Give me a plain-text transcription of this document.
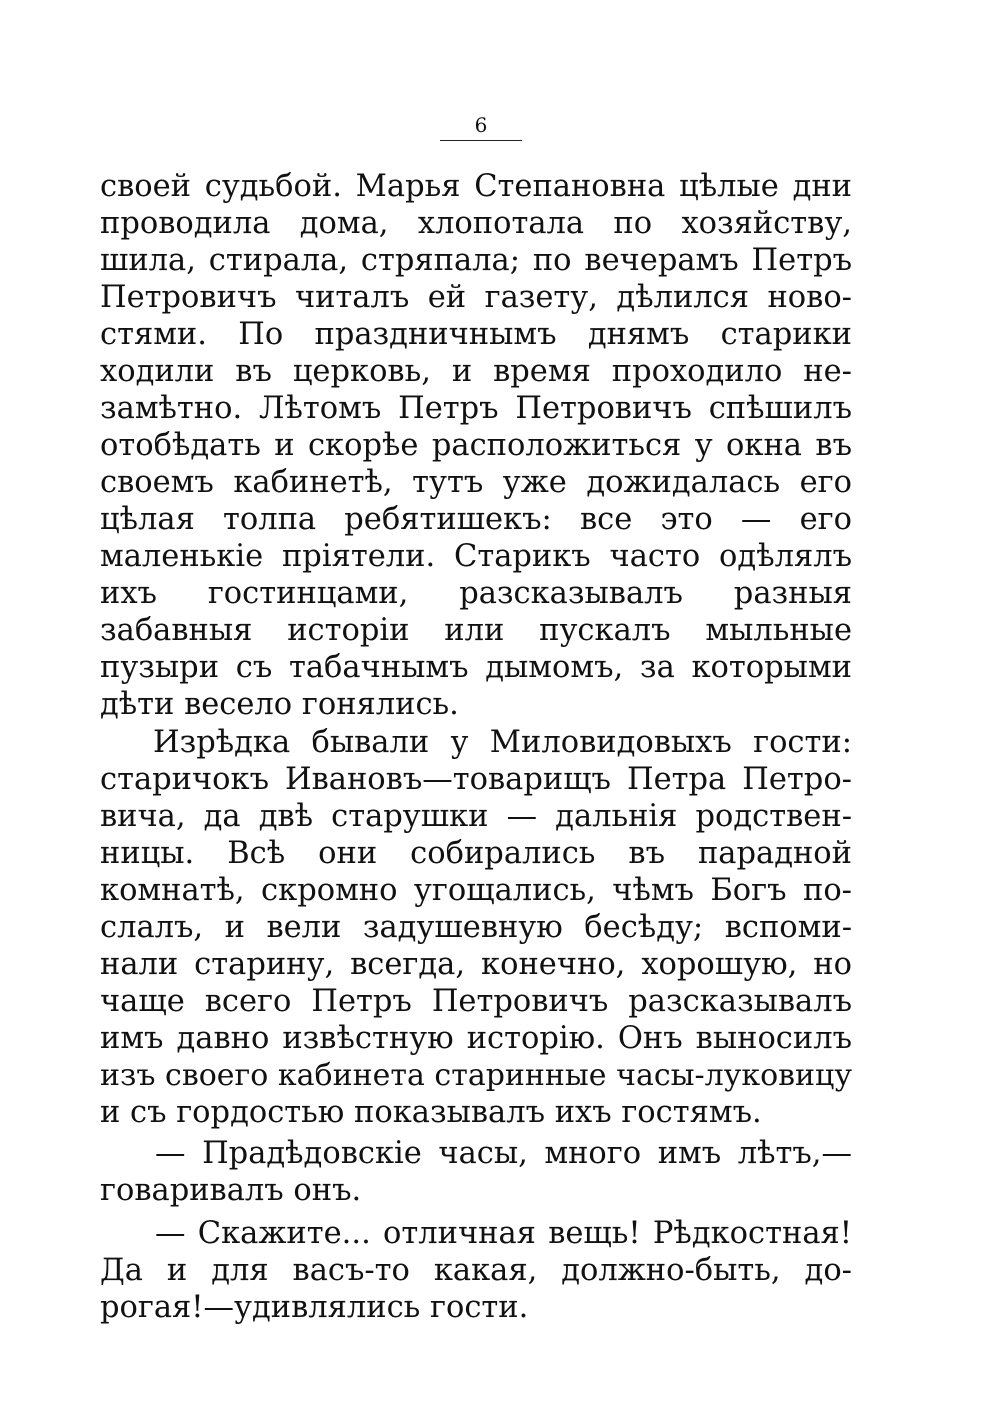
6
своей судьбой. Марья Степановна цѣлые дни
проводила дома, хлопотала по хозяйству,
шила, стирала, стряпала; по вечерамъ Петръ
Петровичъ читалъ ей газету, дѣлился ново-
стями. По праздничнымъ днямъ старики
ходили въ церковь, и время проходило не-
замѣтно. Лѣтомъ Петръ Петровичъ спѣшилъ
отобѣдать и скорѣе расположиться у окна въ
своемъ кабинетѣ, тутъ уже дожидалась его
цѣлая толпа ребятишекъ: все это — его
маленькіе пріятели. Старикъ часто одѣлялъ
ихъ гостинцами, разсказывалъ разныя
забавныя исторіи или пускалъ мыльные
пузыри съ табачнымъ дымомъ, за которыми
дѣти весело гонялись.
Изрѣдка бывали у Миловидовыхъ гости:
старичокъ Ивановъ—товарищъ Петра Петро-
вича, да двѣ старушки — дальнія родствен-
ницы. Всѣ они собирались въ парадной
комнатѣ, скромно угощались, чѣмъ Богъ по-
слалъ, и вели задушевную бесѣду; вспоми-
нали старину, всегда, конечно, хорошую, но
чаще всего Петръ Петровичъ разсказывалъ
имъ давно извѣстную исторію. Онъ выносилъ
изъ своего кабинета старинные часы-луковицу
и съ гордостью показывалъ ихъ гостямъ.
— Прадѣдовскіе часы, много имъ лѣтъ,—
говаривалъ онъ.
— Скажите... отличная вещь! Рѣдкостная!
Да и для васъ-то какая, должно-быть, до-
рогая!—удивлялись гости.
